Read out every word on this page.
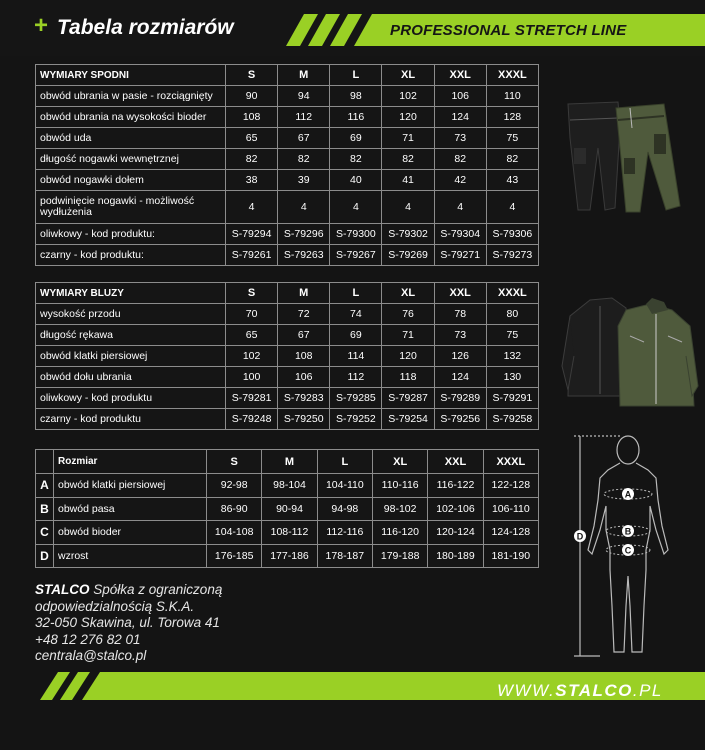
+ Tabela rozmiarów	PROFESSIONAL STRETCH LINE
WYMIARY SPODNI	S	M	L	XL	XXL	XXXL
obwód ubrania w pasie - rozciągnięty	90	94	98	102	106	110
obwód ubrania na wysokości bioder	108	112	116	120	124	128
obwód uda	65	67	69	71	73	75
długość nogawki wewnętrznej	82	82	82	82	82	82
obwód nogawki dołem	38	39	40	41	42	43
podwinięcie nogawki - możliwość wydłużenia	4	4	4	4	4	4
oliwkowy - kod produktu:	S-79294	S-79296	S-79300	S-79302	S-79304	S-79306
czarny - kod produktu:	S-79261	S-79263	S-79267	S-79269	S-79271	S-79273
WYMIARY BLUZY	S	M	L	XL	XXL	XXXL
wysokość przodu	70	72	74	76	78	80
długość rękawa	65	67	69	71	73	75
obwód klatki piersiowej	102	108	114	120	126	132
obwód dołu ubrania	100	106	112	118	124	130
oliwkowy - kod produktu	S-79281	S-79283	S-79285	S-79287	S-79289	S-79291
czarny - kod produktu	S-79248	S-79250	S-79252	S-79254	S-79256	S-79258
	Rozmiar	S	M	L	XL	XXL	XXXL
A	obwód klatki piersiowej	92-98	98-104	104-110	110-116	116-122	122-128
B	obwód pasa	86-90	90-94	94-98	98-102	102-106	106-110
C	obwód bioder	104-108	108-112	112-116	116-120	120-124	124-128
D	wzrost	176-185	177-186	178-187	179-188	180-189	181-190
A
B
C
D
STALCO Spółka z ograniczoną
odpowiedzialnością S.K.A.
32-050 Skawina, ul. Torowa 41
+48 12 276 82 01
centrala@stalco.pl
WWW.STALCO.PL
